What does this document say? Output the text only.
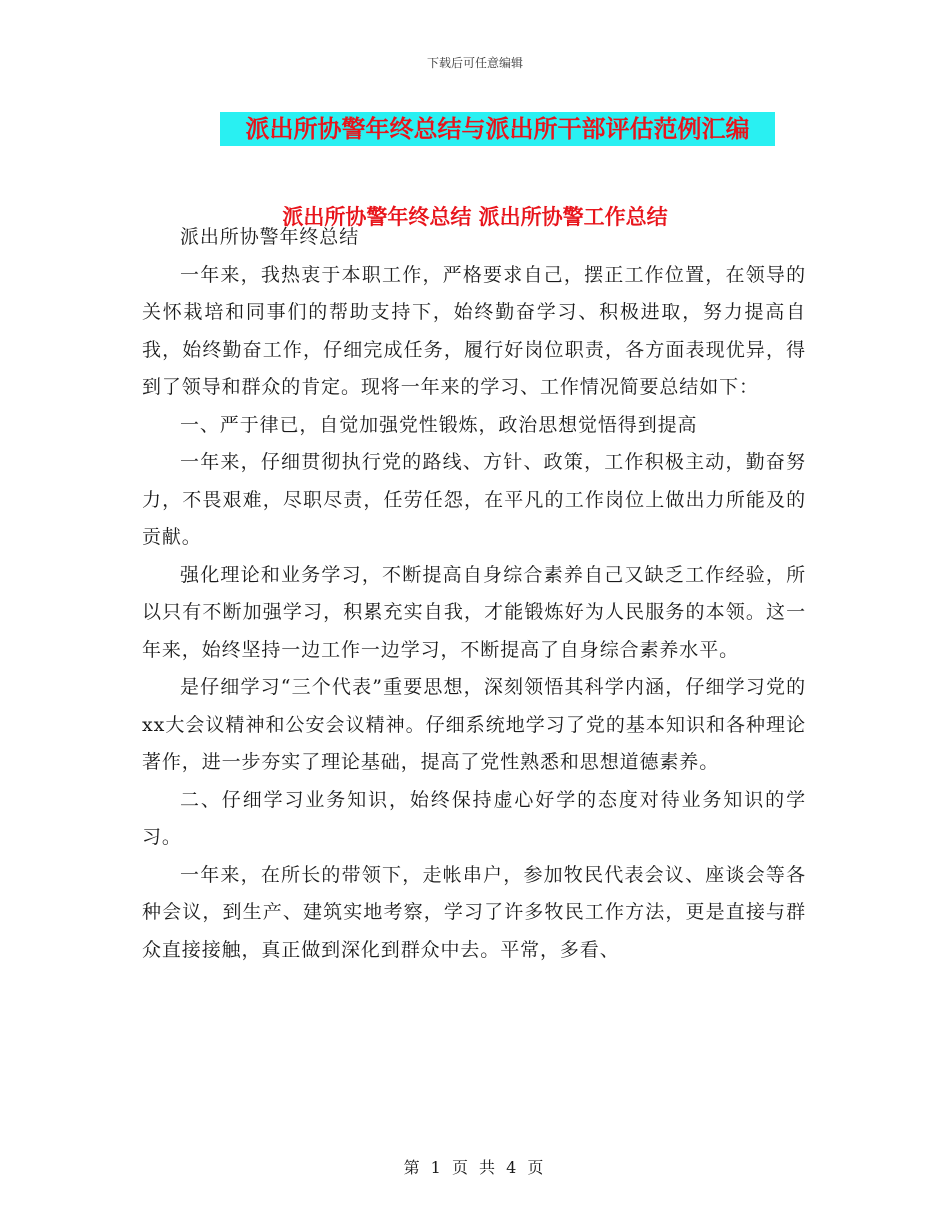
下载后可任意编辑
派出所协警年终总结与派出所干部评估范例汇编
派出所协警年终总结 派出所协警工作总结

派出所协警年终总结

一年来，我热衷于本职工作，严格要求自己，摆正工作位置，在领导的关怀栽培和同事们的帮助支持下，始终勤奋学习、积极进取，努力提高自我，始终勤奋工作，仔细完成任务，履行好岗位职责，各方面表现优异，得到了领导和群众的肯定。现将一年来的学习、工作情况简要总结如下：

一、严于律已，自觉加强党性锻炼，政治思想觉悟得到提高

一年来，仔细贯彻执行党的路线、方针、政策，工作积极主动，勤奋努力，不畏艰难，尽职尽责，任劳任怨，在平凡的工作岗位上做出力所能及的贡献。

强化理论和业务学习，不断提高自身综合素养自己又缺乏工作经验，所以只有不断加强学习，积累充实自我，才能锻炼好为人民服务的本领。这一年来，始终坚持一边工作一边学习，不断提高了自身综合素养水平。

是仔细学习“三个代表”重要思想，深刻领悟其科学内涵，仔细学习党的xx大会议精神和公安会议精神。仔细系统地学习了党的基本知识和各种理论著作，进一步夯实了理论基础，提高了党性熟悉和思想道德素养。

二、仔细学习业务知识，始终保持虚心好学的态度对待业务知识的学习。

一年来，在所长的带领下，走帐串户，参加牧民代表会议、座谈会等各种会议，到生产、建筑实地考察，学习了许多牧民工作方法，更是直接与群众直接接触，真正做到深化到群众中去。平常，多看、

第 1 页 共 4 页
